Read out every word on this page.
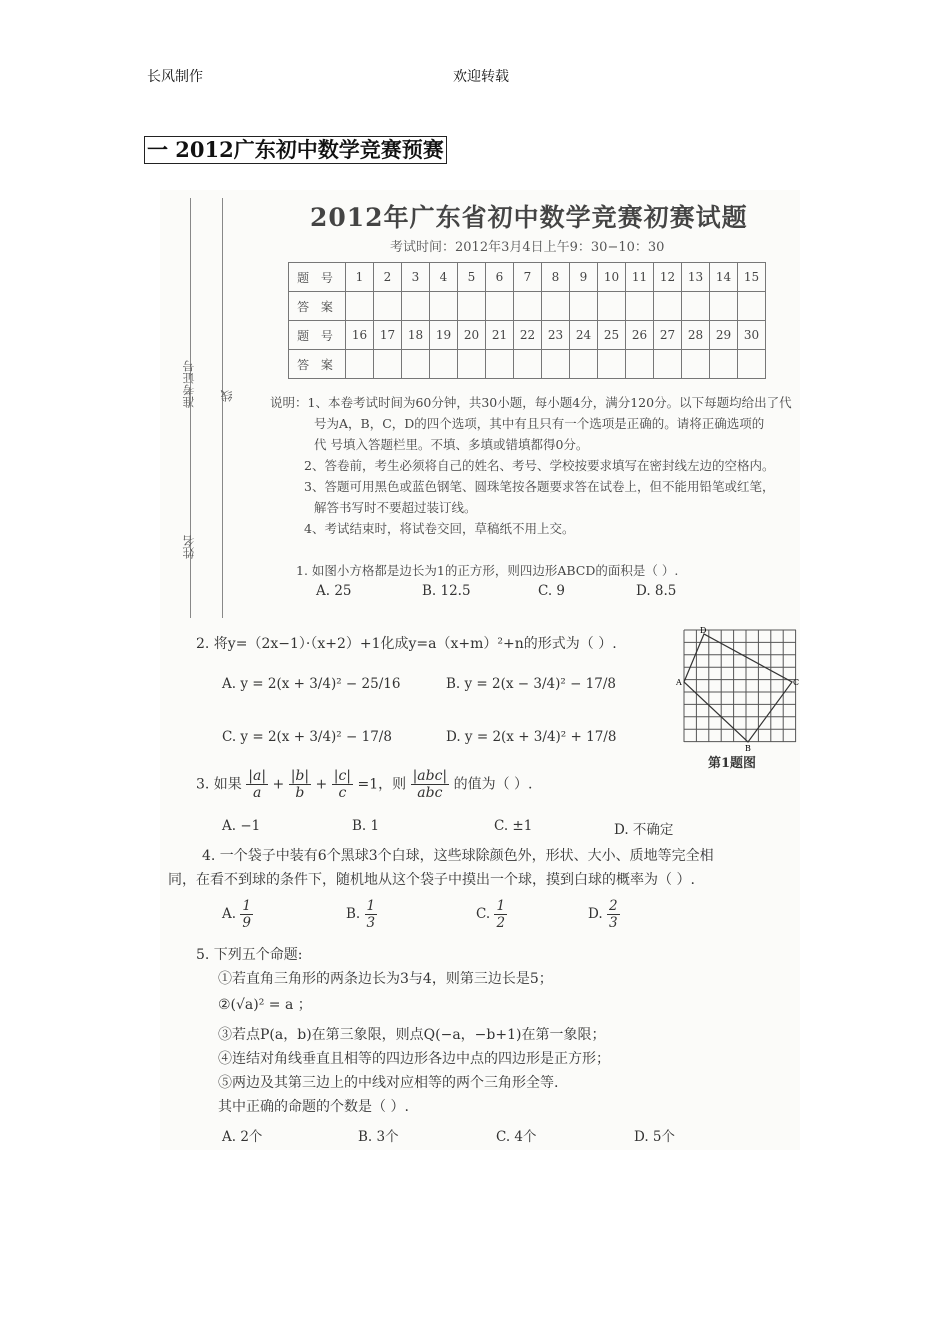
长风制作	欢迎转载
一 2012广东初中数学竞赛预赛
2012年广东省初中数学竞赛初赛试题
考试时间：2012年3月4日上午9：30−10：30
准考证号
姓名
线
题 号	1	2	3	4	5	6	7	8	9	10	11	12	13	14	15
答 案															
题 号	16	17	18	19	20	21	22	23	24	25	26	27	28	29	30
答 案															

说明：1、本卷考试时间为60分钟，共30小题，每小题4分，满分120分。以下每题均给出了代

号为A，B，C，D的四个选项，其中有且只有一个选项是正确的。请将正确选项的

代 号填入答题栏里。不填、多填或错填都得0分。

2、答卷前，考生必须将自己的姓名、考号、学校按要求填写在密封线左边的空格内。

3、答题可用黑色或蓝色钢笔、圆珠笔按各题要求答在试卷上，但不能用铅笔或红笔，

解答书写时不要超过装订线。

4、考试结束时，将试卷交回，草稿纸不用上交。

1. 如图小方格都是边长为1的正方形，则四边形ABCD的面积是（ ）.
A. 25	B. 12.5	C. 9	D. 8.5
2. 将y=（2x−1）·（x+2）+1化成y=a（x+m）²+n的形式为（ ）.
A. y = 2(x + 3/4)² − 25/16	B. y = 2(x − 3/4)² − 17/8
C. y = 2(x + 3/4)² − 17/8	D. y = 2(x + 3/4)² + 17/8
D
A	C
B
第1题图
3. 如果 $\frac{|a|}{a} + \frac{|b|}{b} + \frac{|c|}{c} =1$，则 $\frac{\text{|abc|}}{\text{abc}}$ 的值为（ ）.
A. −1	B. 1	C. ±1	D. 不确定
4. 一个袋子中装有6个黑球3个白球，这些球除颜色外，形状、大小、质地等完全相
同，在看不到球的条件下，随机地从这个袋子中摸出一个球，摸到白球的概率为（ ）.
A. $\frac{1}{9}$	B. $\frac{1}{3}$	C. $\frac{1}{2}$	D. $\frac{2}{3}$
5. 下列五个命题:
①若直角三角形的两条边长为3与4，则第三边长是5；
②(√a)² = a ；
③若点P(a，b)在第三象限，则点Q(−a，−b+1)在第一象限；
④连结对角线垂直且相等的四边形各边中点的四边形是正方形；
⑤两边及其第三边上的中线对应相等的两个三角形全等.
其中正确的命题的个数是（ ）.
A. 2个	B. 3个	C. 4个	D. 5个
